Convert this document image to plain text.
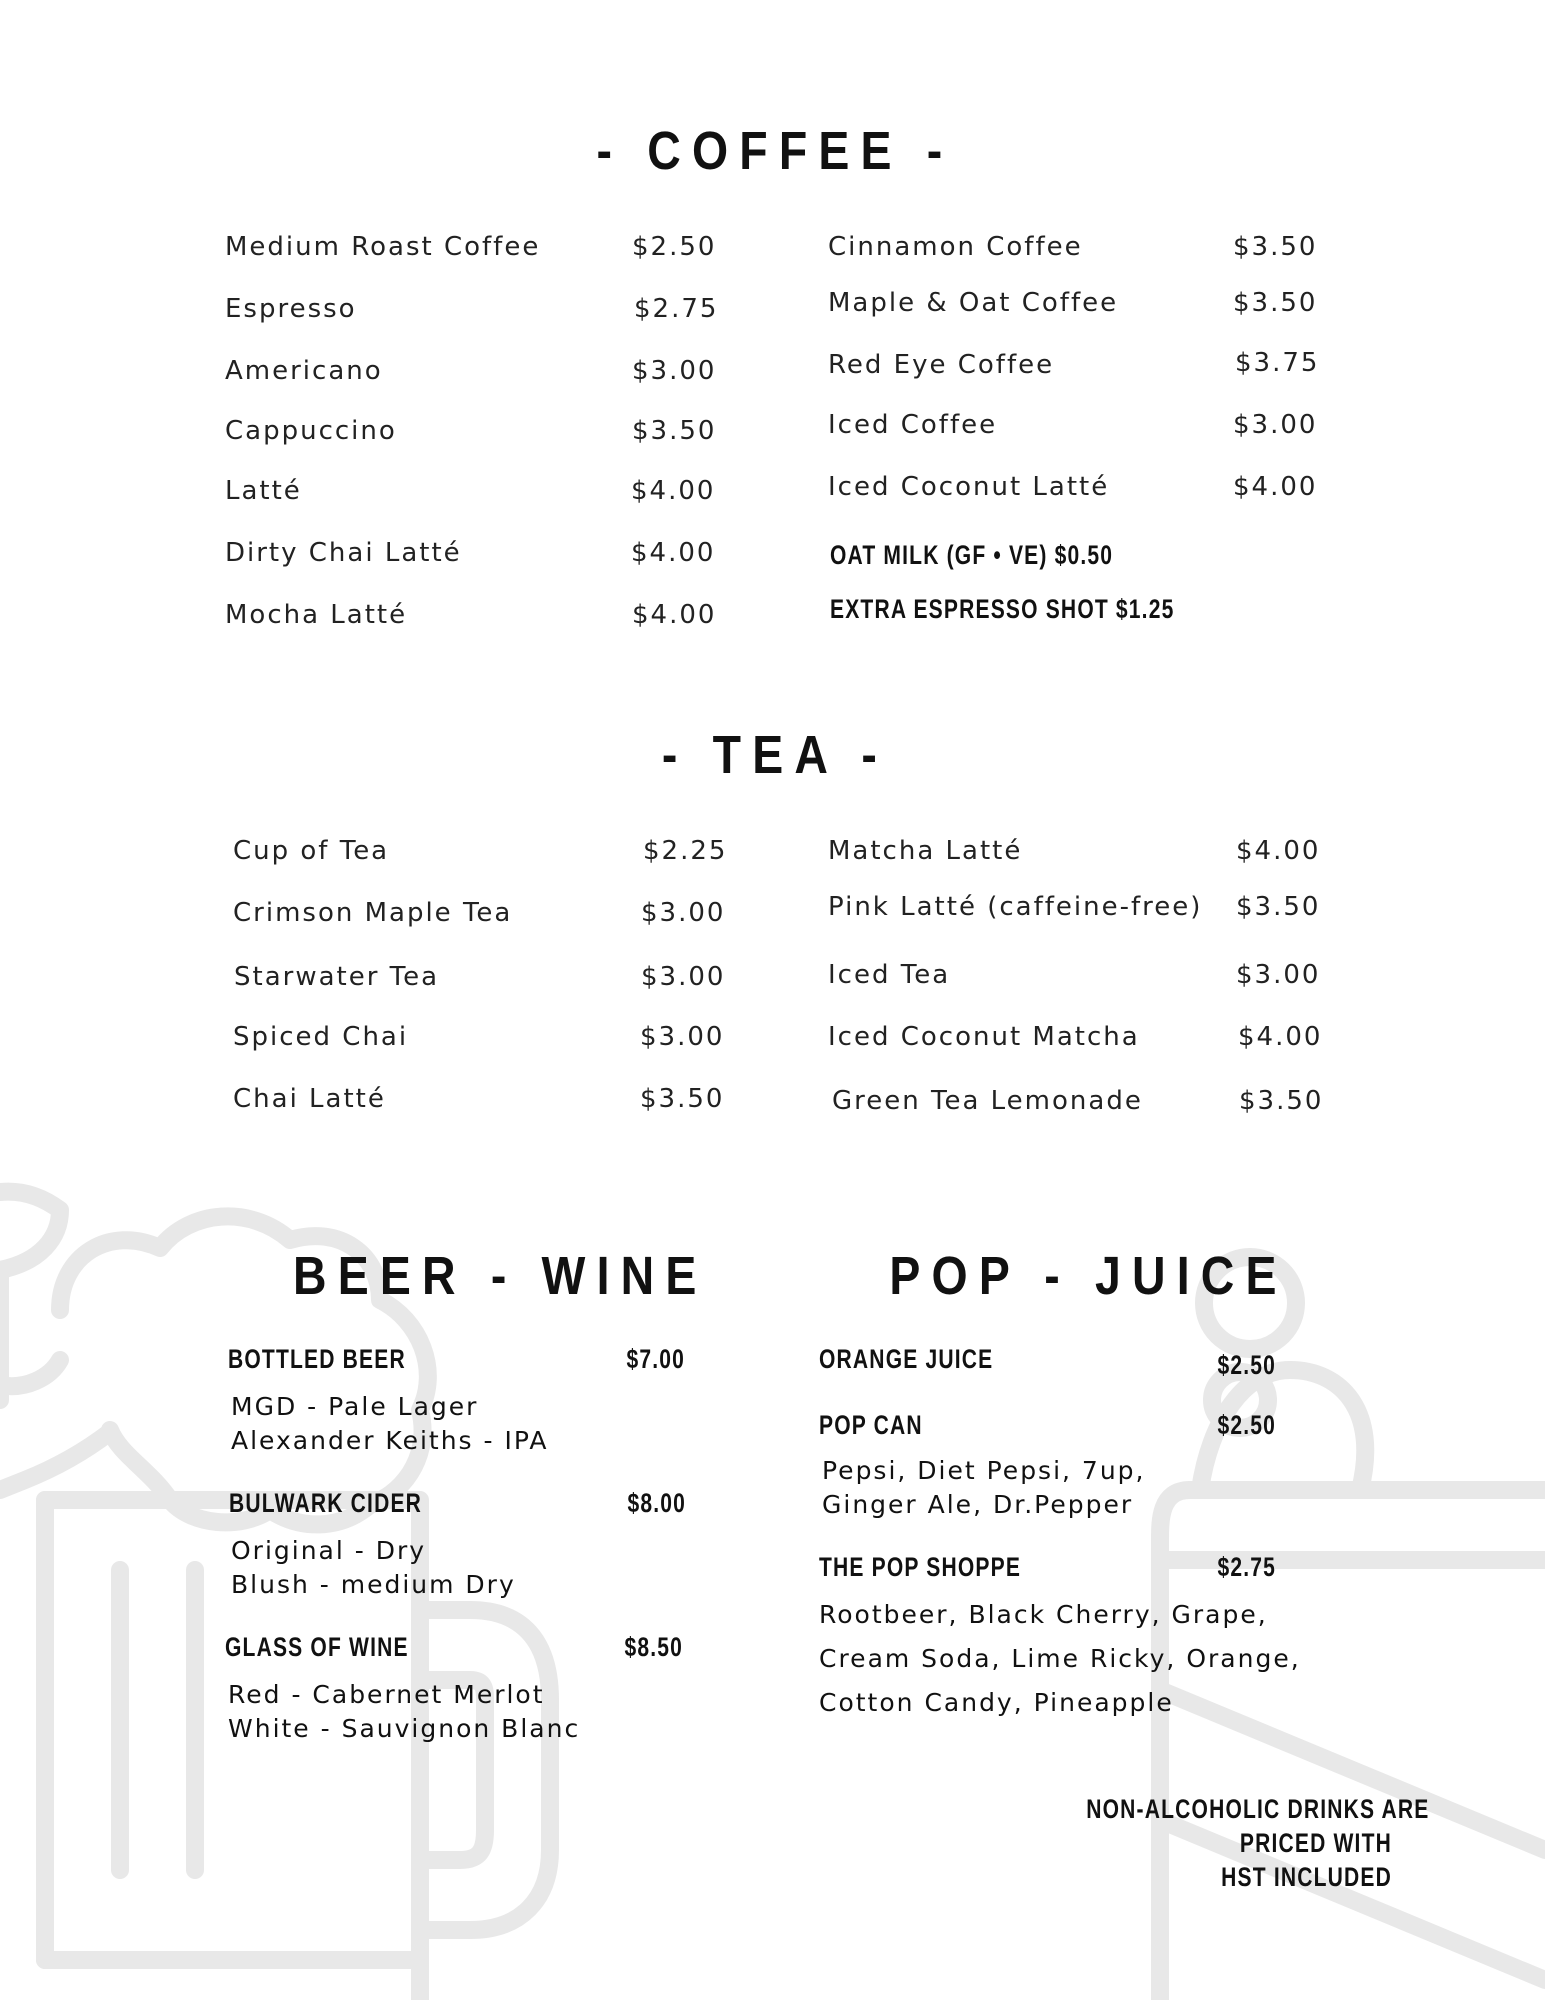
- COFFEE -
Medium Roast Coffee	$2.50
Espresso	$2.75
Americano	$3.00
Cappuccino	$3.50
Latté	$4.00
Dirty Chai Latté	$4.00
Mocha Latté	$4.00
Cinnamon Coffee	$3.50
Maple & Oat Coffee	$3.50
Red Eye Coffee	$3.75
Iced Coffee	$3.00
Iced Coconut Latté	$4.00
OAT MILK (GF • VE) $0.50
EXTRA ESPRESSO SHOT $1.25
- TEA -
Cup of Tea	$2.25
Crimson Maple Tea	$3.00
Starwater Tea	$3.00
Spiced Chai	$3.00
Chai Latté	$3.50
Matcha Latté	$4.00
Pink Latté (caffeine-free) $3.50
Iced Tea	$3.00
Iced Coconut Matcha	$4.00
Green Tea Lemonade	$3.50
BEER - WINE
BOTTLED BEER	$7.00
MGD - Pale Lager
Alexander Keiths - IPA
BULWARK CIDER	$8.00
Original - Dry
Blush - medium Dry
GLASS OF WINE	$8.50
Red - Cabernet Merlot
White - Sauvignon Blanc
POP - JUICE
ORANGE JUICE	$2.50
POP CAN	$2.50
Pepsi, Diet Pepsi, 7up,
Ginger Ale, Dr.Pepper
THE POP SHOPPE	$2.75
Rootbeer, Black Cherry, Grape,
Cream Soda, Lime Ricky, Orange,
Cotton Candy, Pineapple
NON-ALCOHOLIC DRINKS ARE
PRICED WITH
HST INCLUDED
